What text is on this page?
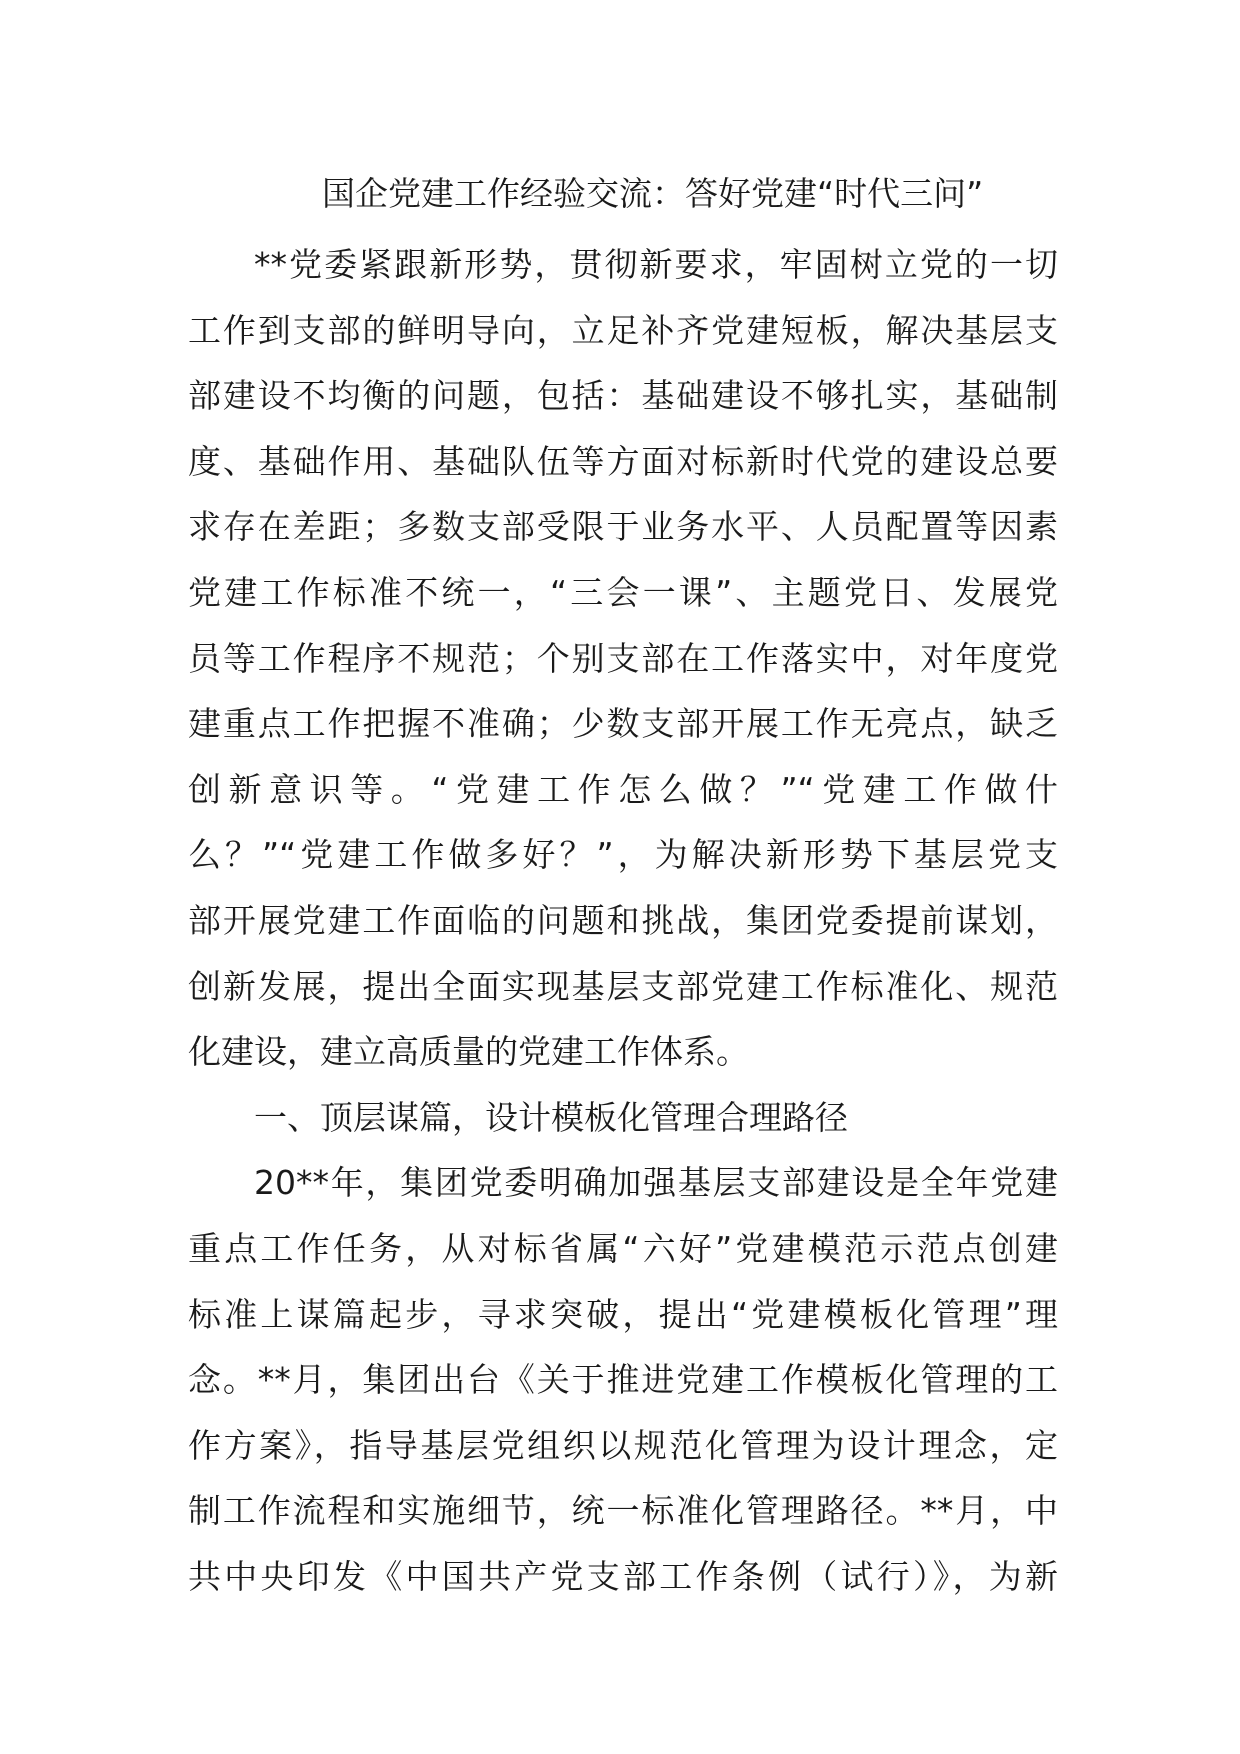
国企党建工作经验交流：答好党建“时代三问”
**党委紧跟新形势，贯彻新要求，牢固树立党的一切
工作到支部的鲜明导向，立足补齐党建短板，解决基层支
部建设不均衡的问题，包括：基础建设不够扎实，基础制
度、基础作用、基础队伍等方面对标新时代党的建设总要
求存在差距；多数支部受限于业务水平、人员配置等因素
党建工作标准不统一，“三会一课”、主题党日、发展党
员等工作程序不规范；个别支部在工作落实中，对年度党
建重点工作把握不准确；少数支部开展工作无亮点，缺乏
创新意识等。“党建工作怎么做？”“党建工作做什
么？”“党建工作做多好？”，为解决新形势下基层党支
部开展党建工作面临的问题和挑战，集团党委提前谋划，
创新发展，提出全面实现基层支部党建工作标准化、规范
化建设，建立高质量的党建工作体系。
一、顶层谋篇，设计模板化管理合理路径
20**年，集团党委明确加强基层支部建设是全年党建
重点工作任务，从对标省属“六好”党建模范示范点创建
标准上谋篇起步，寻求突破，提出“党建模板化管理”理
念。**月，集团出台《关于推进党建工作模板化管理的工
作方案》，指导基层党组织以规范化管理为设计理念，定
制工作流程和实施细节，统一标准化管理路径。**月，中
共中央印发《中国共产党支部工作条例（试行）》，为新
